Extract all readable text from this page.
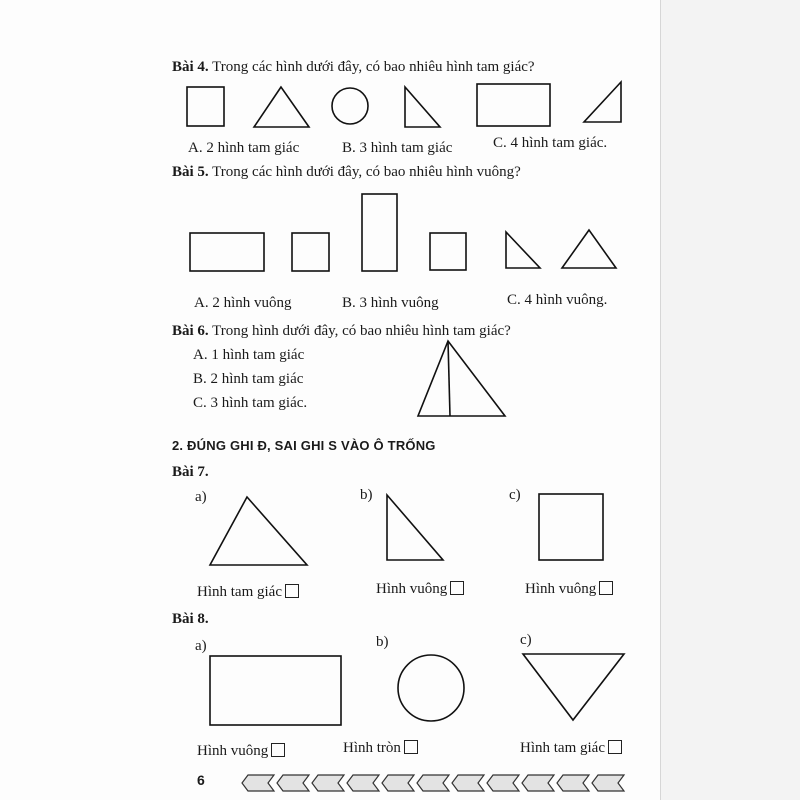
Bài 4. Trong các hình dưới đây, có bao nhiêu hình tam giác?
A. 2 hình tam giác	B. 3 hình tam giác	C. 4 hình tam giác.
Bài 5. Trong các hình dưới đây, có bao nhiêu hình vuông?
A. 2 hình vuông	B. 3 hình vuông	C. 4 hình vuông.
Bài 6. Trong hình dưới đây, có bao nhiêu hình tam giác?
A. 1 hình tam giác
B. 2 hình tam giác
C. 3 hình tam giác.
2. ĐÚNG GHI Đ, SAI GHI S VÀO Ô TRỐNG
Bài 7.
a)	b)	c)
Hình tam giác	Hình vuông	Hình vuông
Bài 8.
a)	b)	c)
Hình vuông	Hình tròn	Hình tam giác
6
